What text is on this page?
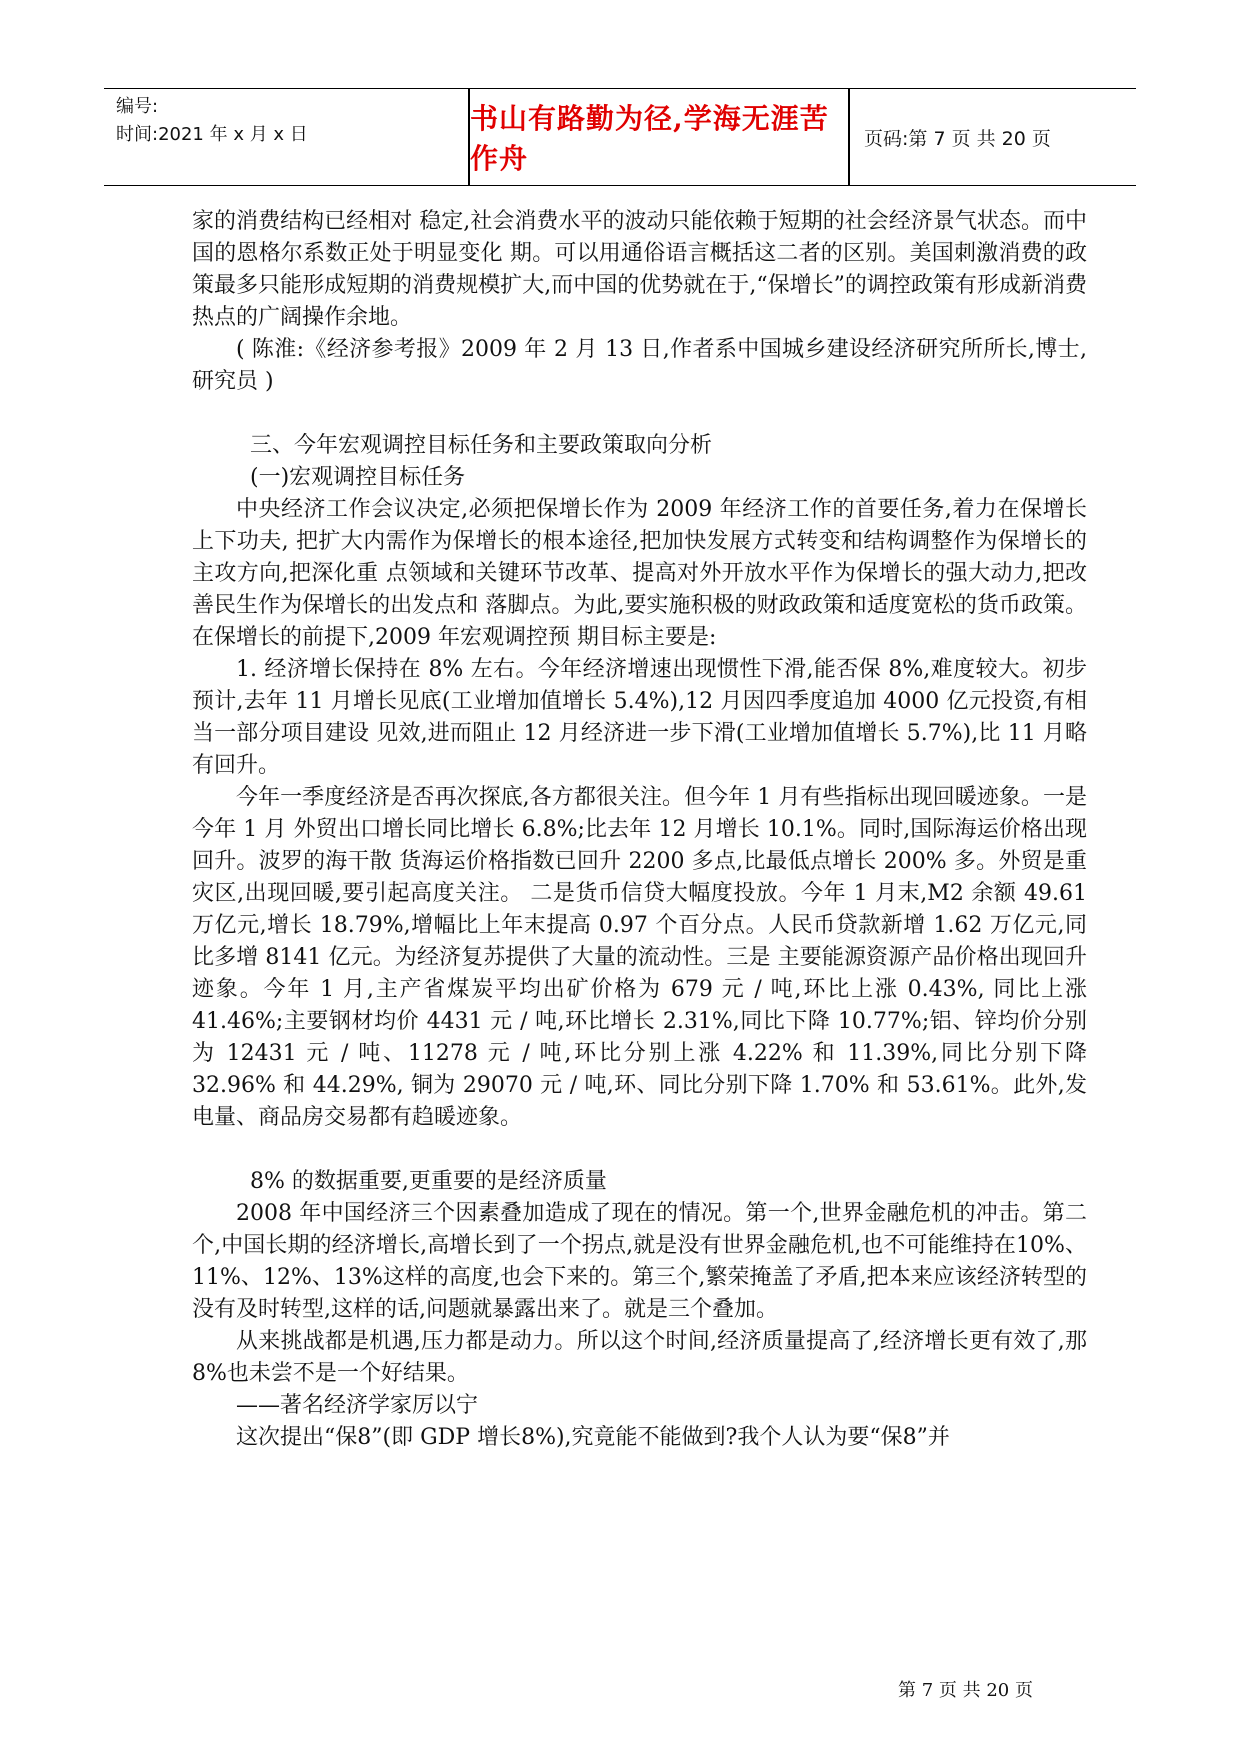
编号:
时间:2021 年 x 月 x 日	书山有路勤为径,学海无涯苦作舟
页码:第 7 页 共 20 页

家的消费结构已经相对 稳定,社会消费水平的波动只能依赖于短期的社会经济景气状态。而中国的恩格尔系数正处于明显变化 期。可以用通俗语言概括这二者的区别。美国刺激消费的政策最多只能形成短期的消费规模扩大,而中国的优势就在于,“保增长”的调控政策有形成新消费热点的广阔操作余地。

( 陈淮:《经济参考报》2009 年 2 月 13 日,作者系中国城乡建设经济研究所所长,博士,研究员 )

三、今年宏观调控目标任务和主要政策取向分析

(一)宏观调控目标任务

中央经济工作会议决定,必须把保增长作为 2009 年经济工作的首要任务,着力在保增长上下功夫, 把扩大内需作为保增长的根本途径,把加快发展方式转变和结构调整作为保增长的主攻方向,把深化重 点领域和关键环节改革、提高对外开放水平作为保增长的强大动力,把改善民生作为保增长的出发点和 落脚点。为此,要实施积极的财政政策和适度宽松的货币政策。在保增长的前提下,2009 年宏观调控预 期目标主要是:

1. 经济增长保持在 8% 左右。今年经济增速出现惯性下滑,能否保 8%,难度较大。初步预计,去年 11 月增长见底(工业增加值增长 5.4%),12 月因四季度追加 4000 亿元投资,有相当一部分项目建设 见效,进而阻止 12 月经济进一步下滑(工业增加值增长 5.7%),比 11 月略有回升。

今年一季度经济是否再次探底,各方都很关注。但今年 1 月有些指标出现回暖迹象。一是今年 1 月 外贸出口增长同比增长 6.8%;比去年 12 月增长 10.1%。同时,国际海运价格出现回升。波罗的海干散 货海运价格指数已回升 2200 多点,比最低点增长 200% 多。外贸是重灾区,出现回暖,要引起高度关注。 二是货币信贷大幅度投放。今年 1 月末,M2 余额 49.61 万亿元,增长 18.79%,增幅比上年末提高 0.97 个百分点。人民币贷款新增 1.62 万亿元,同比多增 8141 亿元。为经济复苏提供了大量的流动性。三是 主要能源资源产品价格出现回升迹象。今年 1 月,主产省煤炭平均出矿价格为 679 元 / 吨,环比上涨 0.43%, 同比上涨 41.46%;主要钢材均价 4431 元 / 吨,环比增长 2.31%,同比下降 10.77%;铝、锌均价分别为 12431 元 / 吨、11278 元 / 吨,环比分别上涨 4.22% 和 11.39%,同比分别下降 32.96% 和 44.29%, 铜为 29070 元 / 吨,环、同比分别下降 1.70% 和 53.61%。此外,发电量、商品房交易都有趋暖迹象。

8% 的数据重要,更重要的是经济质量

2008 年中国经济三个因素叠加造成了现在的情况。第一个,世界金融危机的冲击。第二个,中国长期的经济增长,高增长到了一个拐点,就是没有世界金融危机,也不可能维持在10%、11%、12%、13%这样的高度,也会下来的。第三个,繁荣掩盖了矛盾,把本来应该经济转型的没有及时转型,这样的话,问题就暴露出来了。就是三个叠加。

从来挑战都是机遇,压力都是动力。所以这个时间,经济质量提高了,经济增长更有效了,那8%也未尝不是一个好结果。

——著名经济学家厉以宁

这次提出“保8”(即 GDP 增长8%),究竟能不能做到?我个人认为要“保8”并

第 7 页 共 20 页
